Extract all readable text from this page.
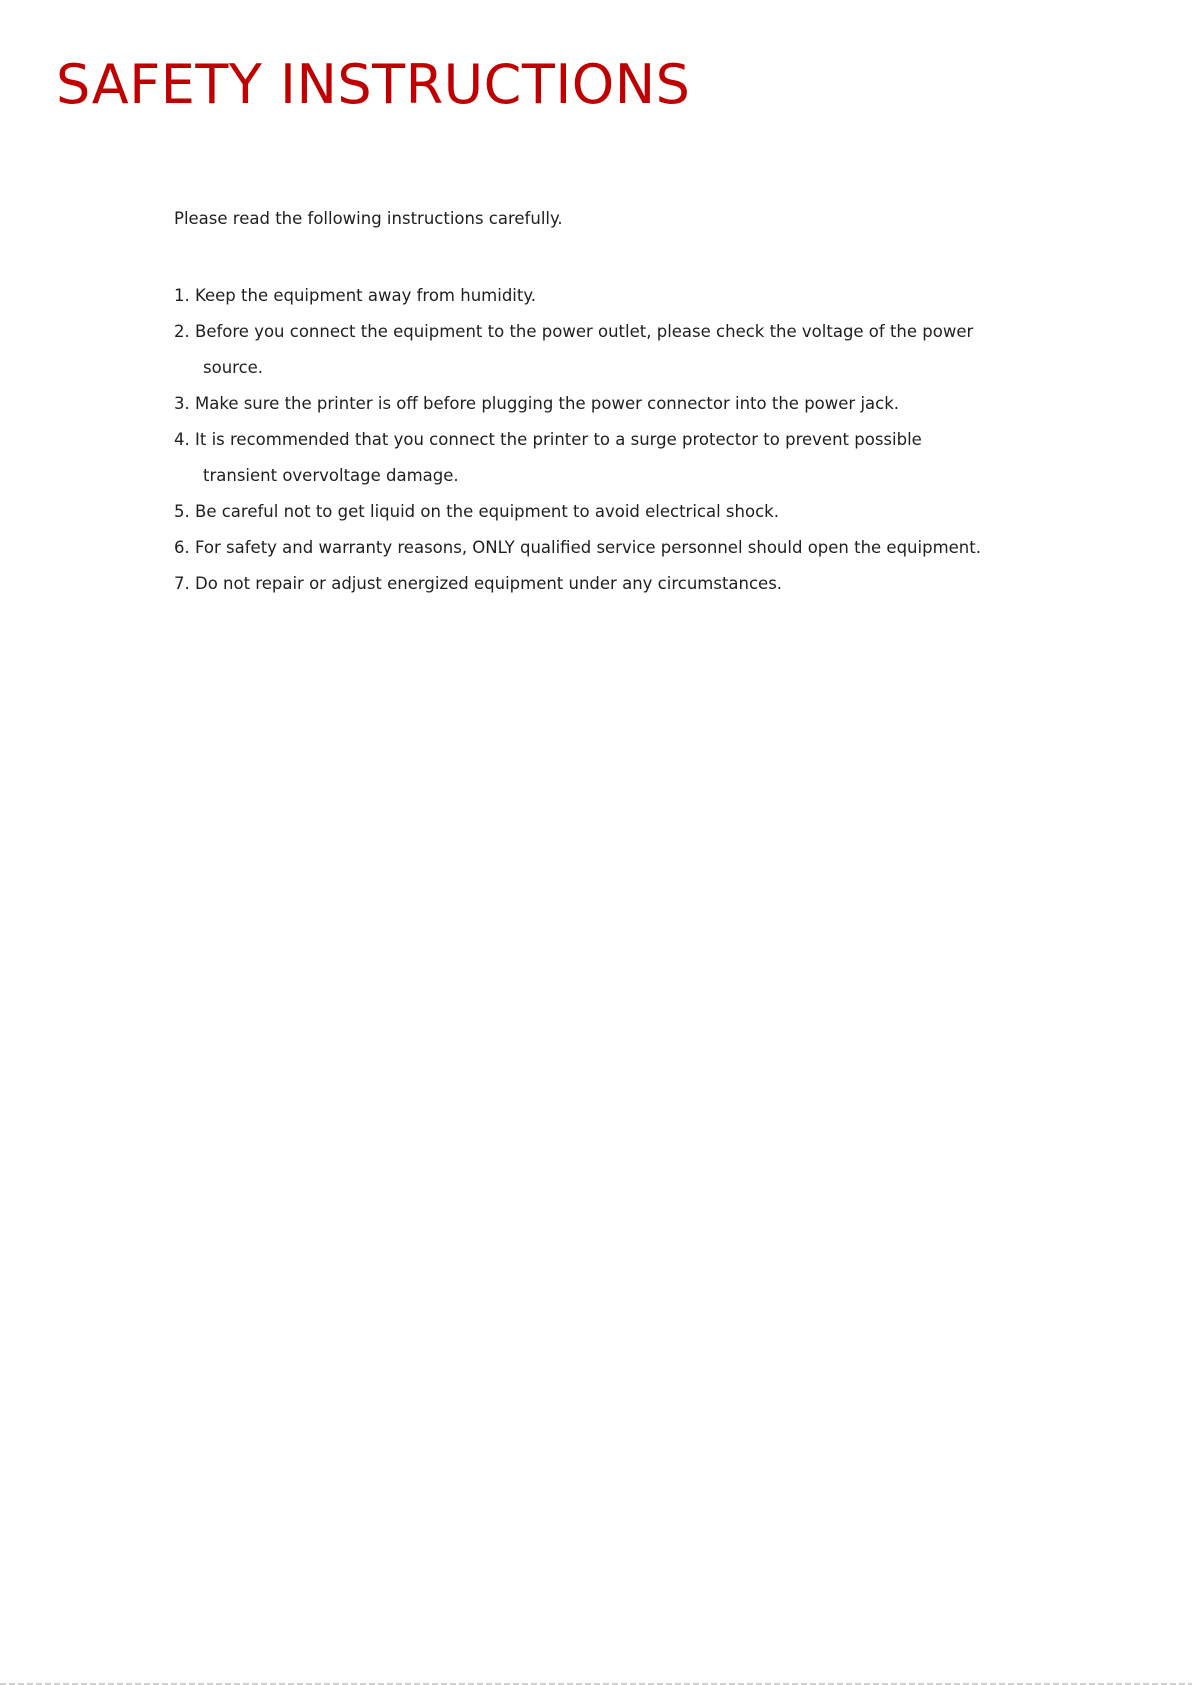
SAFETY INSTRUCTIONS

Please read the following instructions carefully.

1. Keep the equipment away from humidity.
2. Before you connect the equipment to the power outlet, please check the voltage of the power
source.
3. Make sure the printer is off before plugging the power connector into the power jack.
4. It is recommended that you connect the printer to a surge protector to prevent possible
transient overvoltage damage.
5. Be careful not to get liquid on the equipment to avoid electrical shock.
6. For safety and warranty reasons, ONLY qualified service personnel should open the equipment.
7. Do not repair or adjust energized equipment under any circumstances.
